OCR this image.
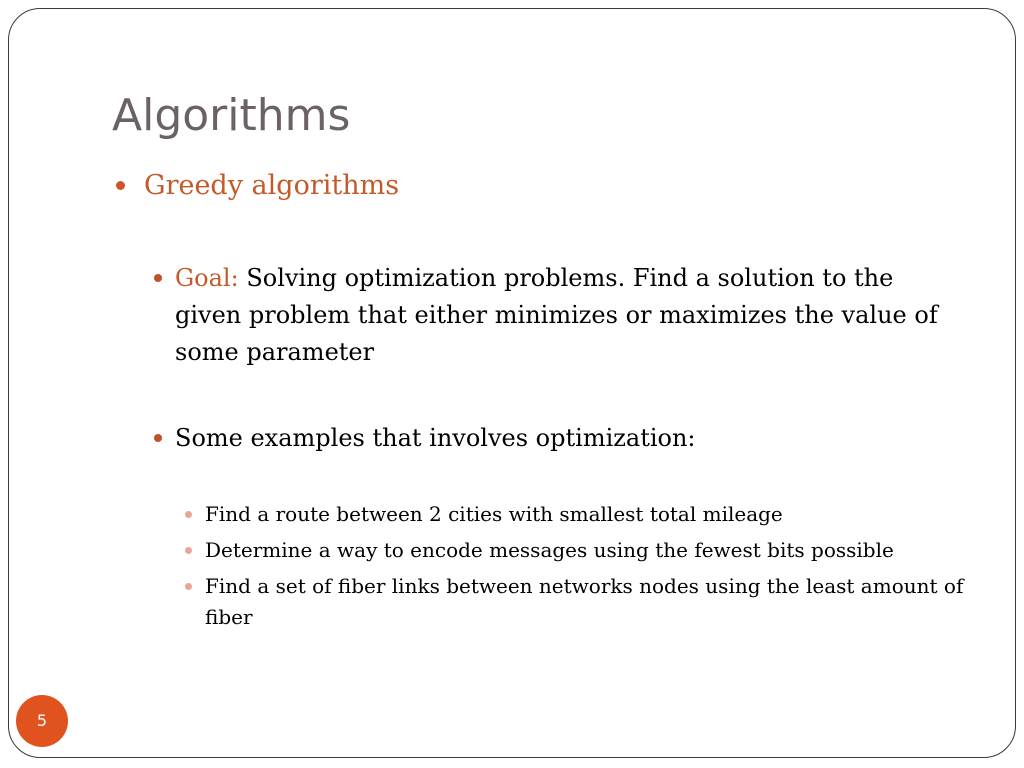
Algorithms
Greedy algorithms
Goal: Solving optimization problems. Find a solution to the given problem that either minimizes or maximizes the value of some parameter
Some examples that involves optimization:
Find a route between 2 cities with smallest total mileage
Determine a way to encode messages using the fewest bits possible
Find a set of fiber links between networks nodes using the least amount of fiber
5
